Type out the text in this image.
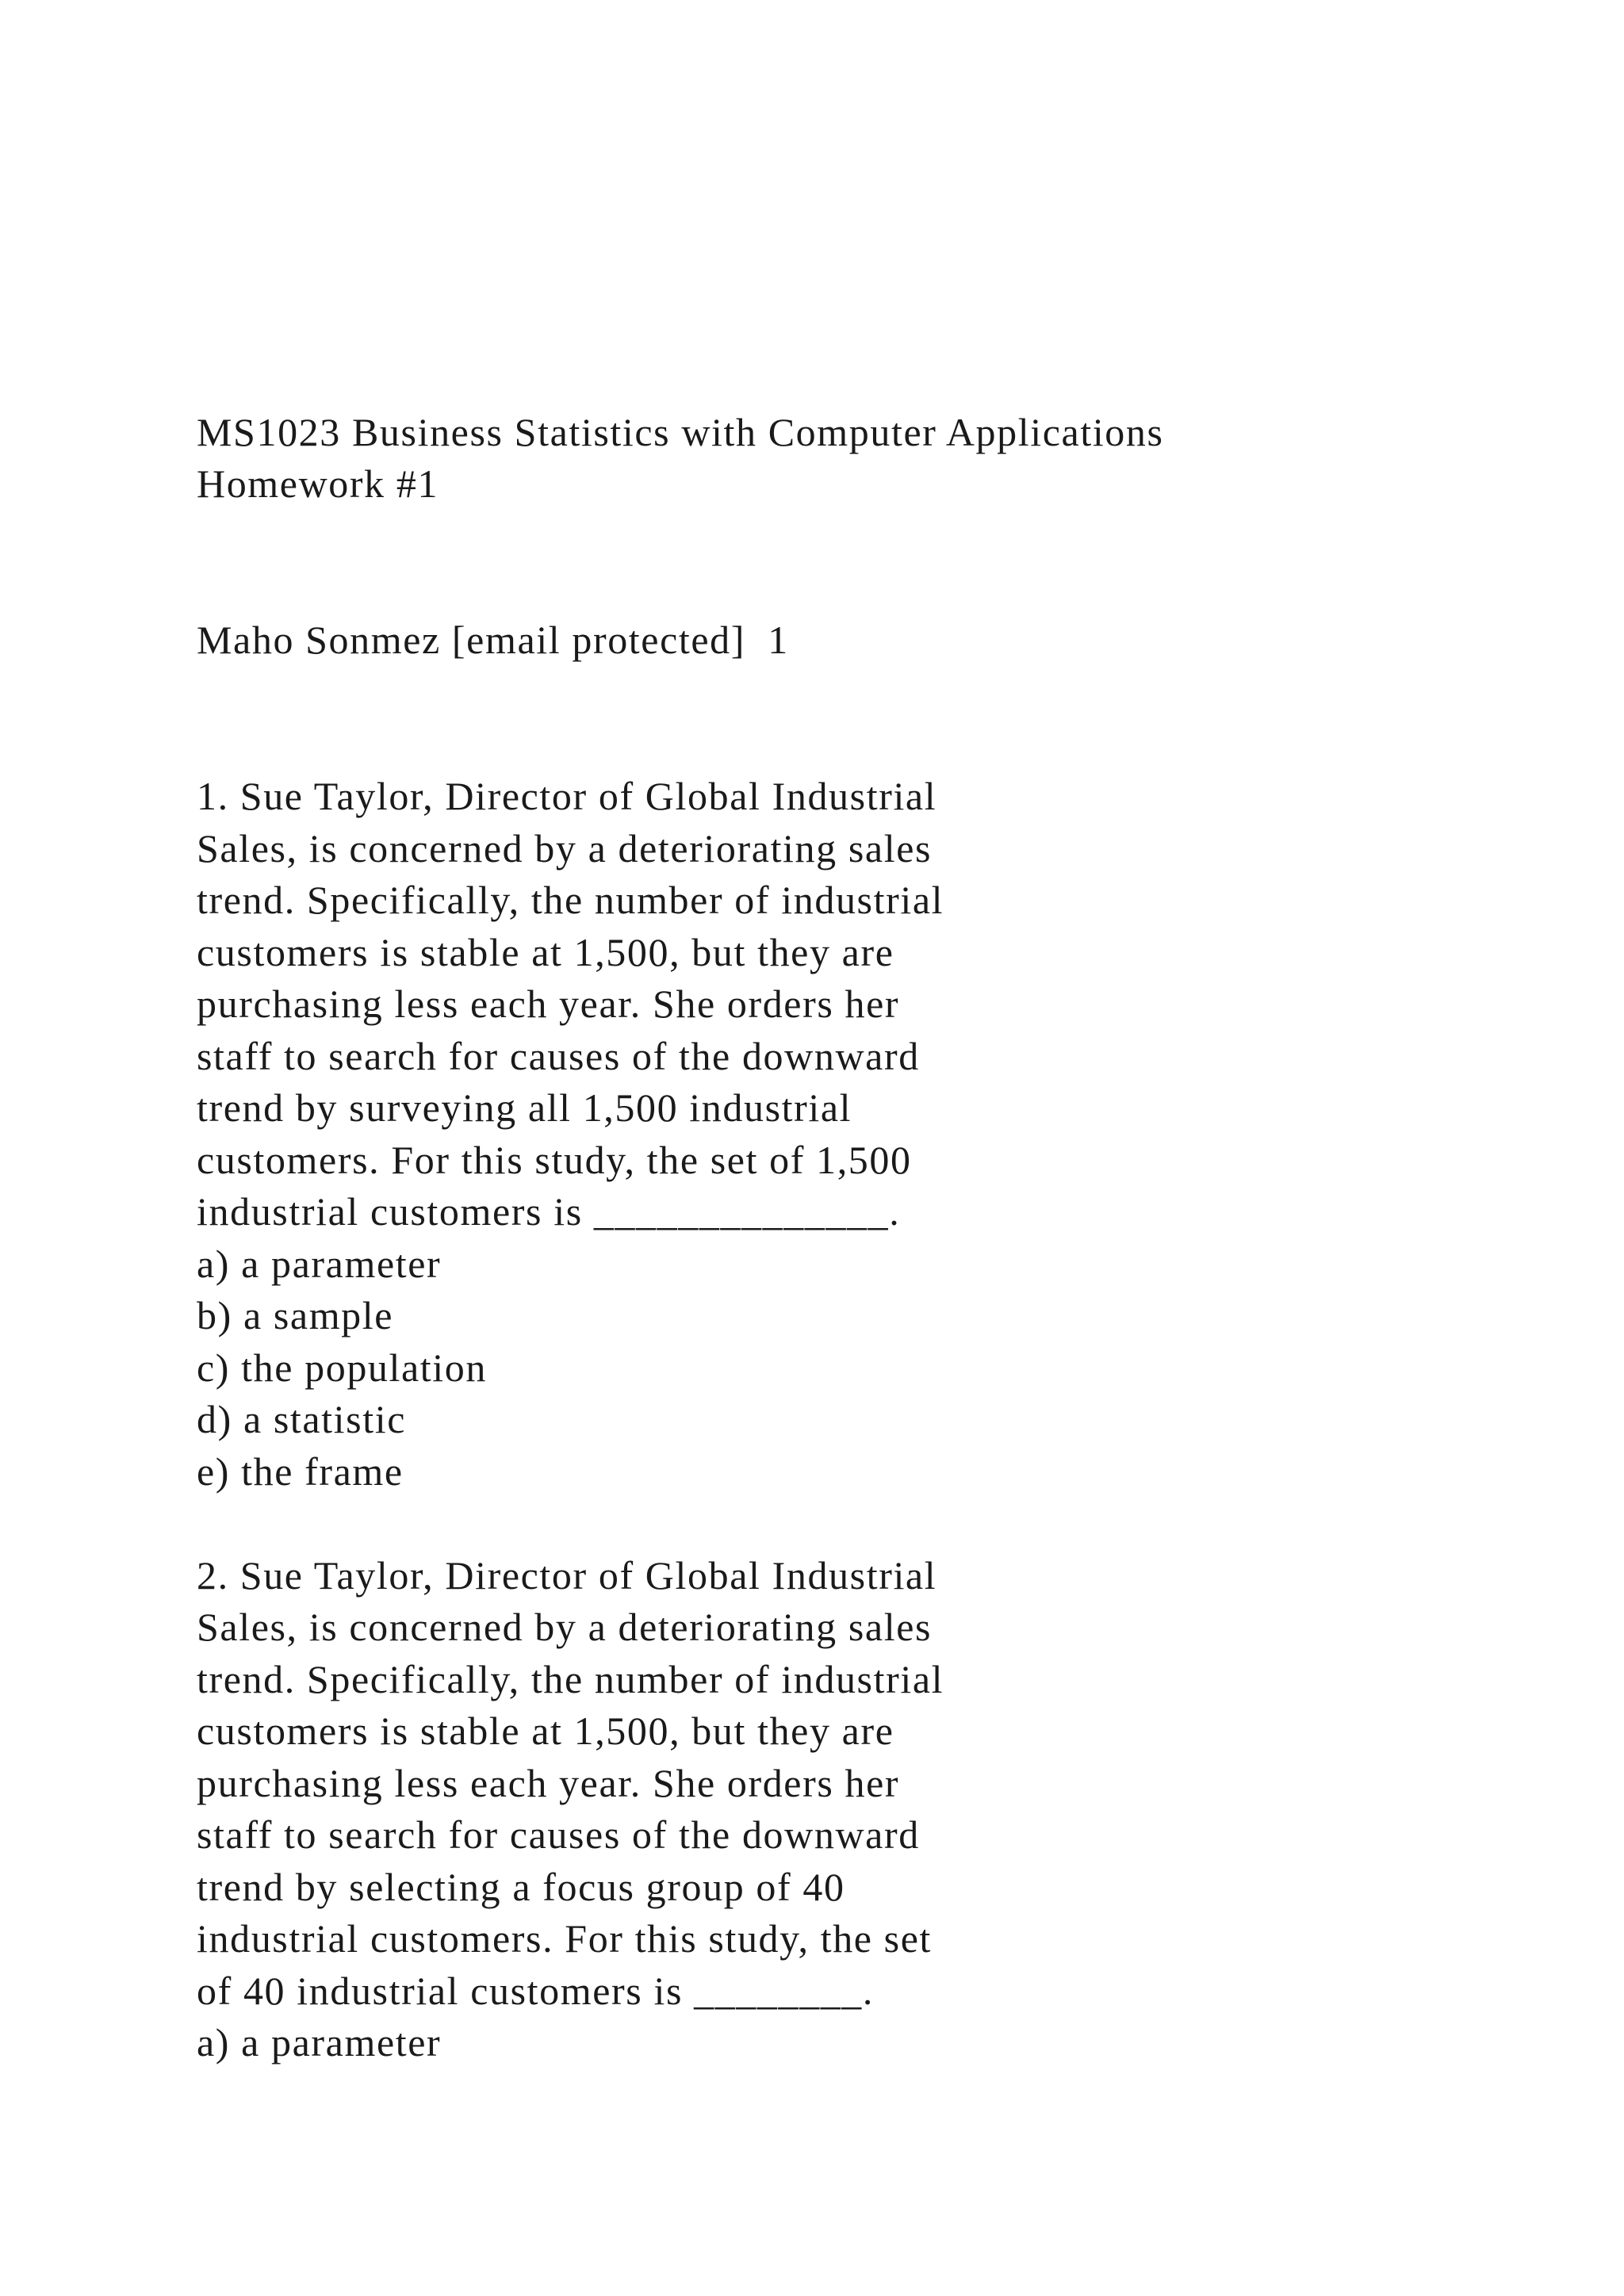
MS1023 Business Statistics with Computer Applications
Homework #1
Maho Sonmez [email protected]  1
1. Sue Taylor, Director of Global Industrial
Sales, is concerned by a deteriorating sales
trend. Specifically, the number of industrial
customers is stable at 1,500, but they are
purchasing less each year. She orders her
staff to search for causes of the downward
trend by surveying all 1,500 industrial
customers. For this study, the set of 1,500
industrial customers is ______________.
a) a parameter
b) a sample
c) the population
d) a statistic
e) the frame
2. Sue Taylor, Director of Global Industrial
Sales, is concerned by a deteriorating sales
trend. Specifically, the number of industrial
customers is stable at 1,500, but they are
purchasing less each year. She orders her
staff to search for causes of the downward
trend by selecting a focus group of 40
industrial customers. For this study, the set
of 40 industrial customers is ________.
a) a parameter
